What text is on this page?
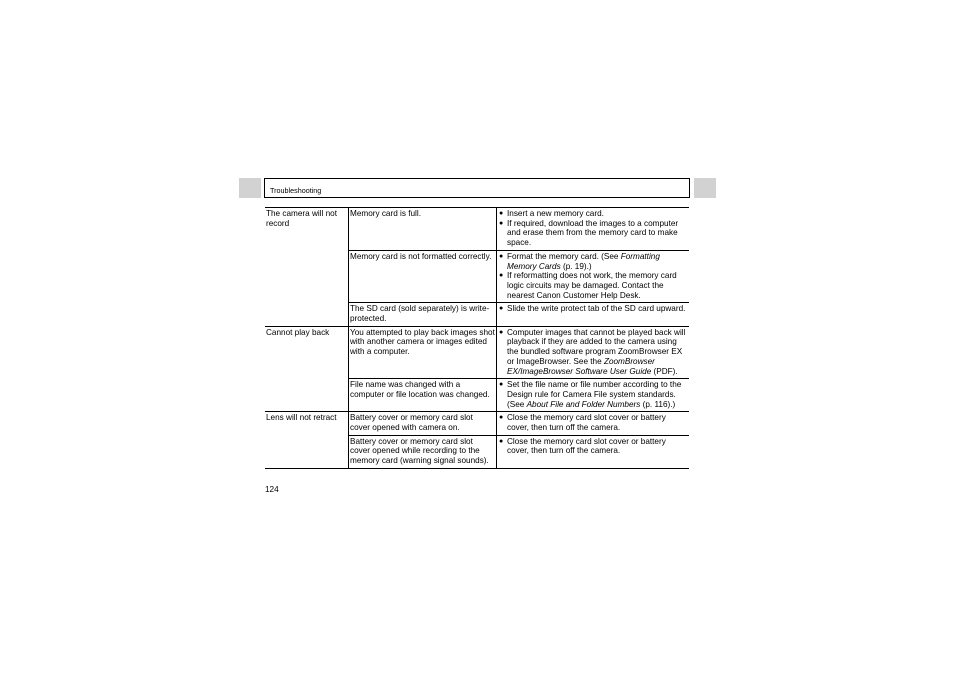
Troubleshooting
The camera will not record	Memory card is full.	● Insert a new memory card.
● If required, download the images to a computer and erase them from the memory card to make space.

	Memory card is not formatted correctly.	● Format the memory card. (See Formatting Memory Cards (p. 19).)
● If reformatting does not work, the memory card logic circuits may be damaged. Contact the nearest Canon Customer Help Desk.

	The SD card (sold separately) is write-protected.	● Slide the write protect tab of the SD card upward.

Cannot play back	You attempted to play back images shot with another camera or images edited with a computer.	● Computer images that cannot be played back will playback if they are added to the camera using the bundled software program ZoomBrowser EX or ImageBrowser. See the ZoomBrowser EX/ImageBrowser Software User Guide (PDF).

	File name was changed with a computer or file location was changed.	● Set the file name or file number according to the Design rule for Camera File system standards. (See About File and Folder Numbers (p. 116).)

Lens will not retract	Battery cover or memory card slot cover opened with camera on.	● Close the memory card slot cover or battery cover, then turn off the camera.

	Battery cover or memory card slot cover opened while recording to the memory card (warning signal sounds).	● Close the memory card slot cover or battery cover, then turn off the camera.
124
